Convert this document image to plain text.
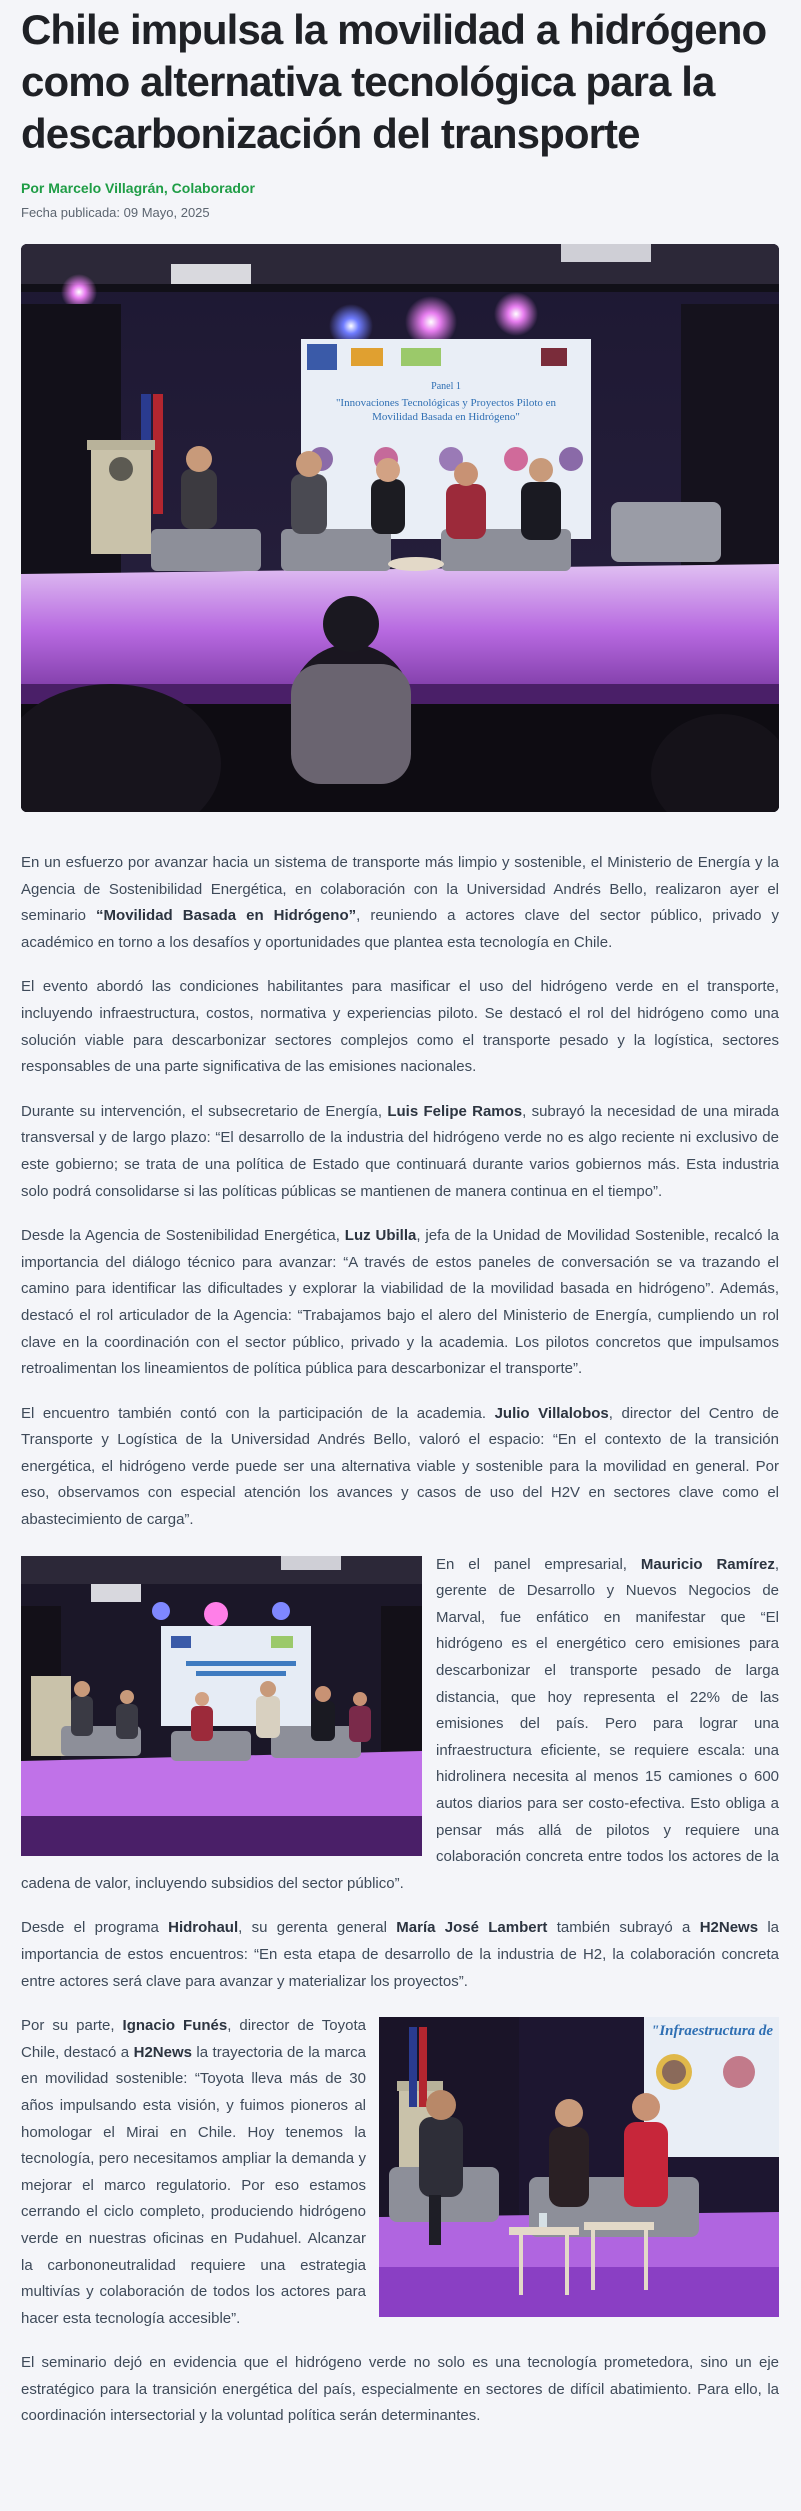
Chile impulsa la movilidad a hidrógeno como alternativa tecnológica para la descarbonización del transporte
Por Marcelo Villagrán, Colaborador
Fecha publicada: 09 Mayo, 2025
Panel 1
"Innovaciones Tecnológicas y Proyectos Piloto en
Movilidad Basada en Hidrógeno"

En un esfuerzo por avanzar hacia un sistema de transporte más limpio y sostenible, el Ministerio de Energía y la Agencia de Sostenibilidad Energética, en colaboración con la Universidad Andrés Bello, realizaron ayer el seminario “Movilidad Basada en Hidrógeno”, reuniendo a actores clave del sector público, privado y académico en torno a los desafíos y oportunidades que plantea esta tecnología en Chile.

El evento abordó las condiciones habilitantes para masificar el uso del hidrógeno verde en el transporte, incluyendo infraestructura, costos, normativa y experiencias piloto. Se destacó el rol del hidrógeno como una solución viable para descarbonizar sectores complejos como el transporte pesado y la logística, sectores responsables de una parte significativa de las emisiones nacionales.

Durante su intervención, el subsecretario de Energía, Luis Felipe Ramos, subrayó la necesidad de una mirada transversal y de largo plazo: “El desarrollo de la industria del hidrógeno verde no es algo reciente ni exclusivo de este gobierno; se trata de una política de Estado que continuará durante varios gobiernos más. Esta industria solo podrá consolidarse si las políticas públicas se mantienen de manera continua en el tiempo”.

Desde la Agencia de Sostenibilidad Energética, Luz Ubilla, jefa de la Unidad de Movilidad Sostenible, recalcó la importancia del diálogo técnico para avanzar: “A través de estos paneles de conversación se va trazando el camino para identificar las dificultades y explorar la viabilidad de la movilidad basada en hidrógeno”. Además, destacó el rol articulador de la Agencia: “Trabajamos bajo el alero del Ministerio de Energía, cumpliendo un rol clave en la coordinación con el sector público, privado y la academia. Los pilotos concretos que impulsamos retroalimentan los lineamientos de política pública para descarbonizar el transporte”.

El encuentro también contó con la participación de la academia. Julio Villalobos, director del Centro de Transporte y Logística de la Universidad Andrés Bello, valoró el espacio: “En el contexto de la transición energética, el hidrógeno verde puede ser una alternativa viable y sostenible para la movilidad en general. Por eso, observamos con especial atención los avances y casos de uso del H2V en sectores clave como el abastecimiento de carga”.

En el panel empresarial, Mauricio Ramírez, gerente de Desarrollo y Nuevos Negocios de Marval, fue enfático en manifestar que “El hidrógeno es el energético cero emisiones para descarbonizar el transporte pesado de larga distancia, que hoy representa el 22% de las emisiones del país. Pero para lograr una infraestructura eficiente, se requiere escala: una hidrolinera necesita al menos 15 camiones o 600 autos diarios para ser costo-efectiva. Esto obliga a pensar más allá de pilotos y requiere una colaboración concreta entre todos los actores de la cadena de valor, incluyendo subsidios del sector público”.

Desde el programa Hidrohaul, su gerenta general María José Lambert también subrayó a H2News la importancia de estos encuentros: “En esta etapa de desarrollo de la industria de H2, la colaboración concreta entre actores será clave para avanzar y materializar los proyectos”.

"Infraestructura de

Por su parte, Ignacio Funés, director de Toyota Chile, destacó a H2News la trayectoria de la marca en movilidad sostenible: “Toyota lleva más de 30 años impulsando esta visión, y fuimos pioneros al homologar el Mirai en Chile. Hoy tenemos la tecnología, pero necesitamos ampliar la demanda y mejorar el marco regulatorio. Por eso estamos cerrando el ciclo completo, produciendo hidrógeno verde en nuestras oficinas en Pudahuel. Alcanzar la carbononeutralidad requiere una estrategia multivías y colaboración de todos los actores para hacer esta tecnología accesible”.

El seminario dejó en evidencia que el hidrógeno verde no solo es una tecnología prometedora, sino un eje estratégico para la transición energética del país, especialmente en sectores de difícil abatimiento. Para ello, la coordinación intersectorial y la voluntad política serán determinantes.
